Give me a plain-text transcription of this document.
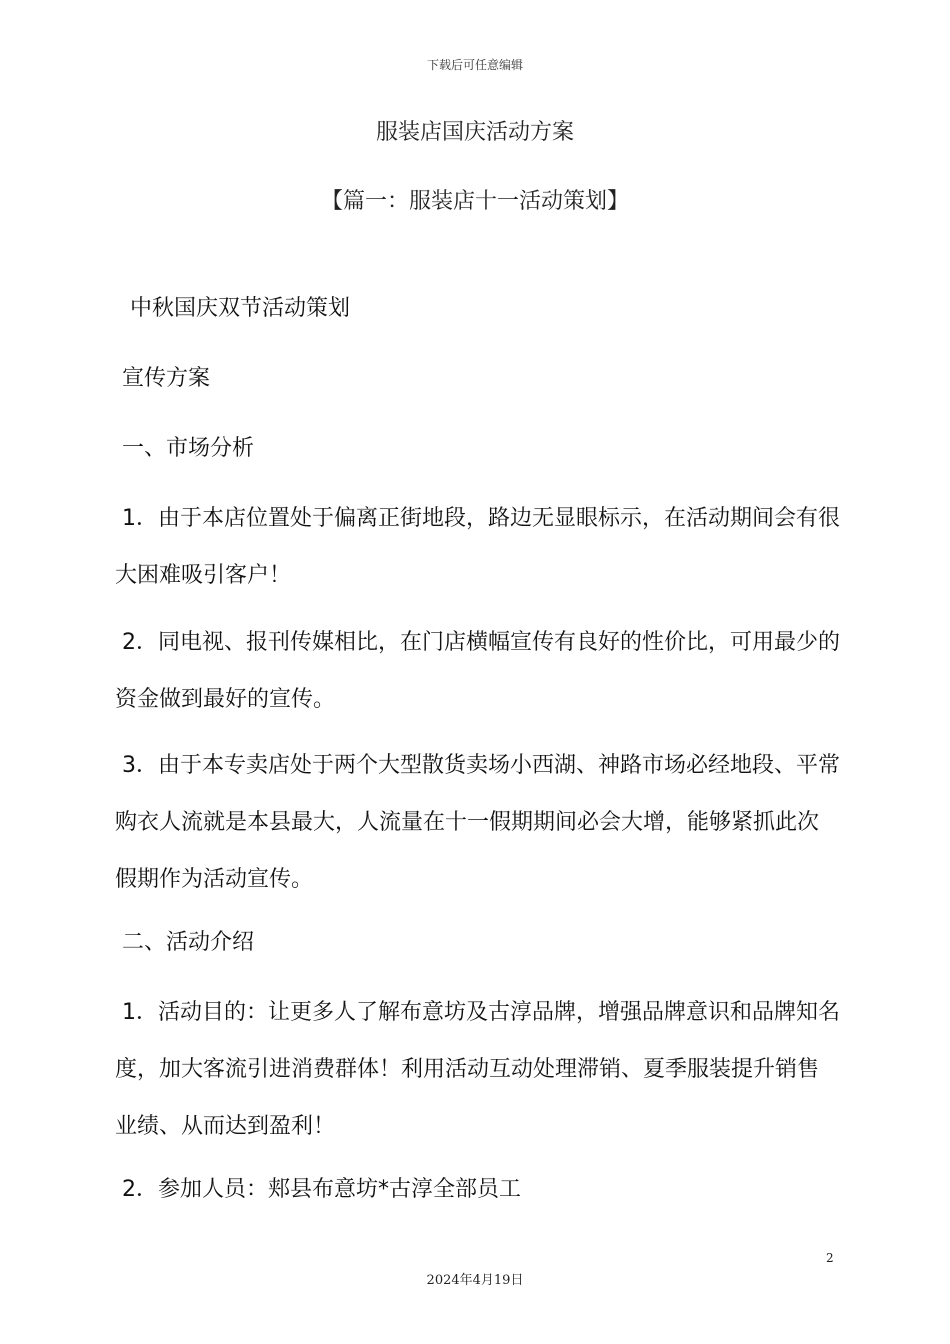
下载后可任意编辑
服装店国庆活动方案
【篇一：服装店十一活动策划】
中秋国庆双节活动策划
宣传方案
一、市场分析
1．由于本店位置处于偏离正街地段，路边无显眼标示，在活动期间会有很大困难吸引客户！
2．同电视、报刊传媒相比，在门店横幅宣传有良好的性价比，可用最少的资金做到最好的宣传。
3．由于本专卖店处于两个大型散货卖场小西湖、神路市场必经地段、平常购衣人流就是本县最大，人流量在十一假期期间必会大增，能够紧抓此次假期作为活动宣传。
二、活动介绍
1．活动目的：让更多人了解布意坊及古淳品牌，增强品牌意识和品牌知名度，加大客流引进消费群体！利用活动互动处理滞销、夏季服装提升销售业绩、从而达到盈利！
2．参加人员：郏县布意坊*古淳全部员工
2
2024年4月19日
